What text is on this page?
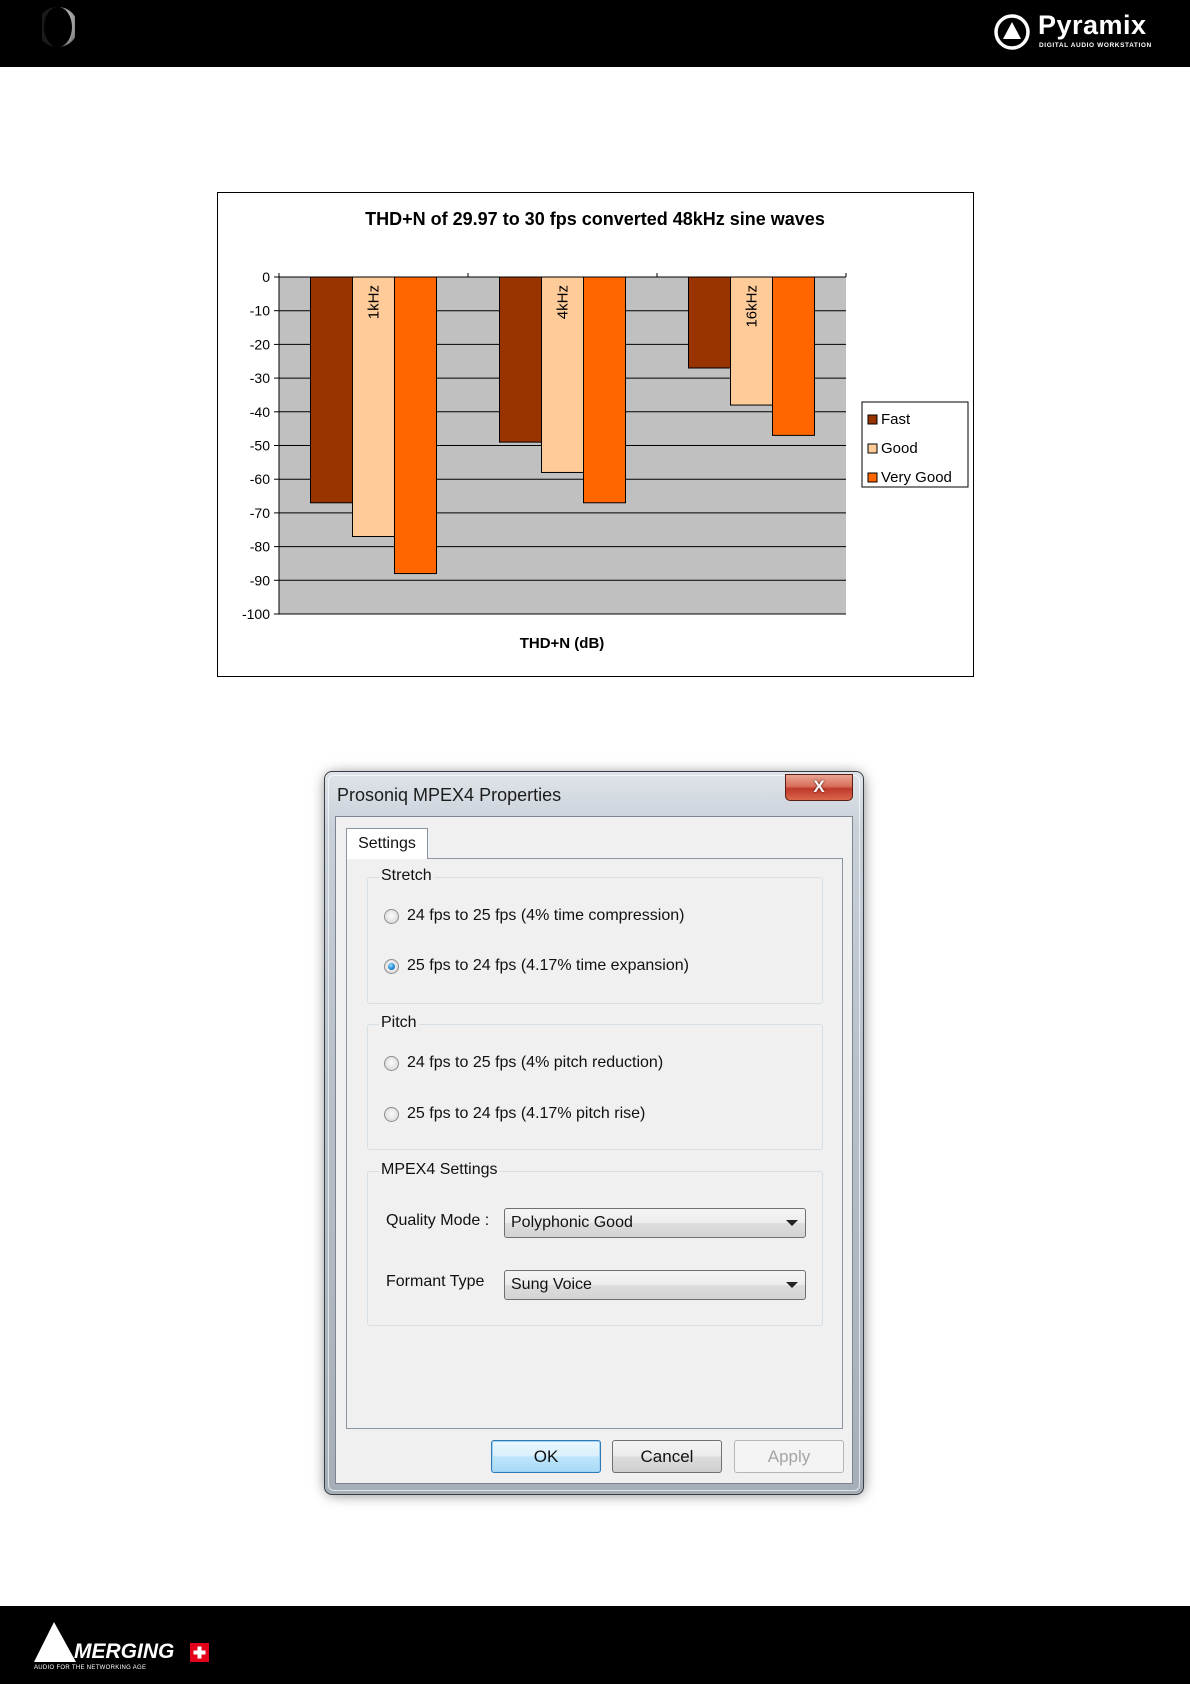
Pyramix
DIGITAL AUDIO WORKSTATION
THD+N of 29.97 to 30 fps converted 48kHz sine waves
1kHz	4kHz	16kHz
0
-10
-20
-30
-40
-50
-60
-70
-80
-90
-100
THD+N (dB)
Fast
Good
Very Good
Prosoniq MPEX4 Properties	X
Settings
Stretch
24 fps to 25 fps (4% time compression)
25 fps to 24 fps (4.17% time expansion)
Pitch
24 fps to 25 fps (4% pitch reduction)
25 fps to 24 fps (4.17% pitch rise)
MPEX4 Settings
Quality Mode :	Polyphonic Good
Formant Type	Sung Voice
OK	Cancel	Apply
MERGING
AUDIO FOR THE NETWORKING AGE
